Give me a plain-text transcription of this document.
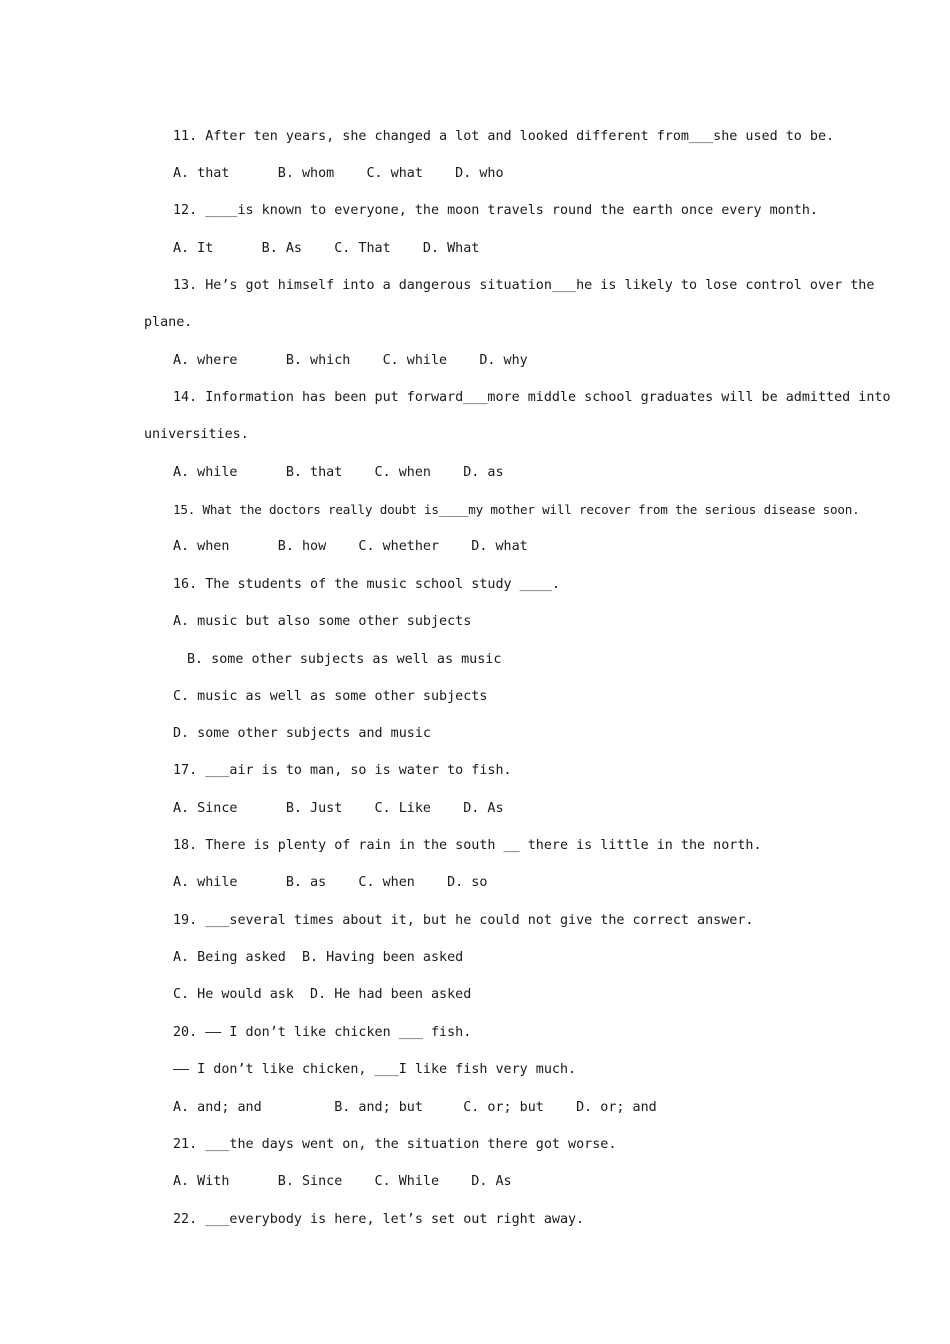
11. After ten years, she changed a lot and looked different from___she used to be.
A. that      B. whom    C. what    D. who
12. ____is known to everyone, the moon travels round the earth once every month.
A. It      B. As    C. That    D. What
13. He’s got himself into a dangerous situation___he is likely to lose control over the
plane.
A. where      B. which    C. while    D. why
14. Information has been put forward___more middle school graduates will be admitted into
universities.
A. while      B. that    C. when    D. as
15. What the doctors really doubt is____my mother will recover from the serious disease soon.
A. when      B. how    C. whether    D. what
16. The students of the music school study ____.
A. music but also some other subjects
B. some other subjects as well as music
C. music as well as some other subjects
D. some other subjects and music
17. ___air is to man, so is water to fish.
A. Since      B. Just    C. Like    D. As
18. There is plenty of rain in the south __ there is little in the north.
A. while      B. as    C. when    D. so
19. ___several times about it, but he could not give the correct answer.
A. Being asked  B. Having been asked
C. He would ask  D. He had been asked
20. —— I don’t like chicken ___ fish.
—— I don’t like chicken, ___I like fish very much.
A. and; and         B. and; but     C. or; but    D. or; and
21. ___the days went on, the situation there got worse.
A. With      B. Since    C. While    D. As
22. ___everybody is here, let’s set out right away.
